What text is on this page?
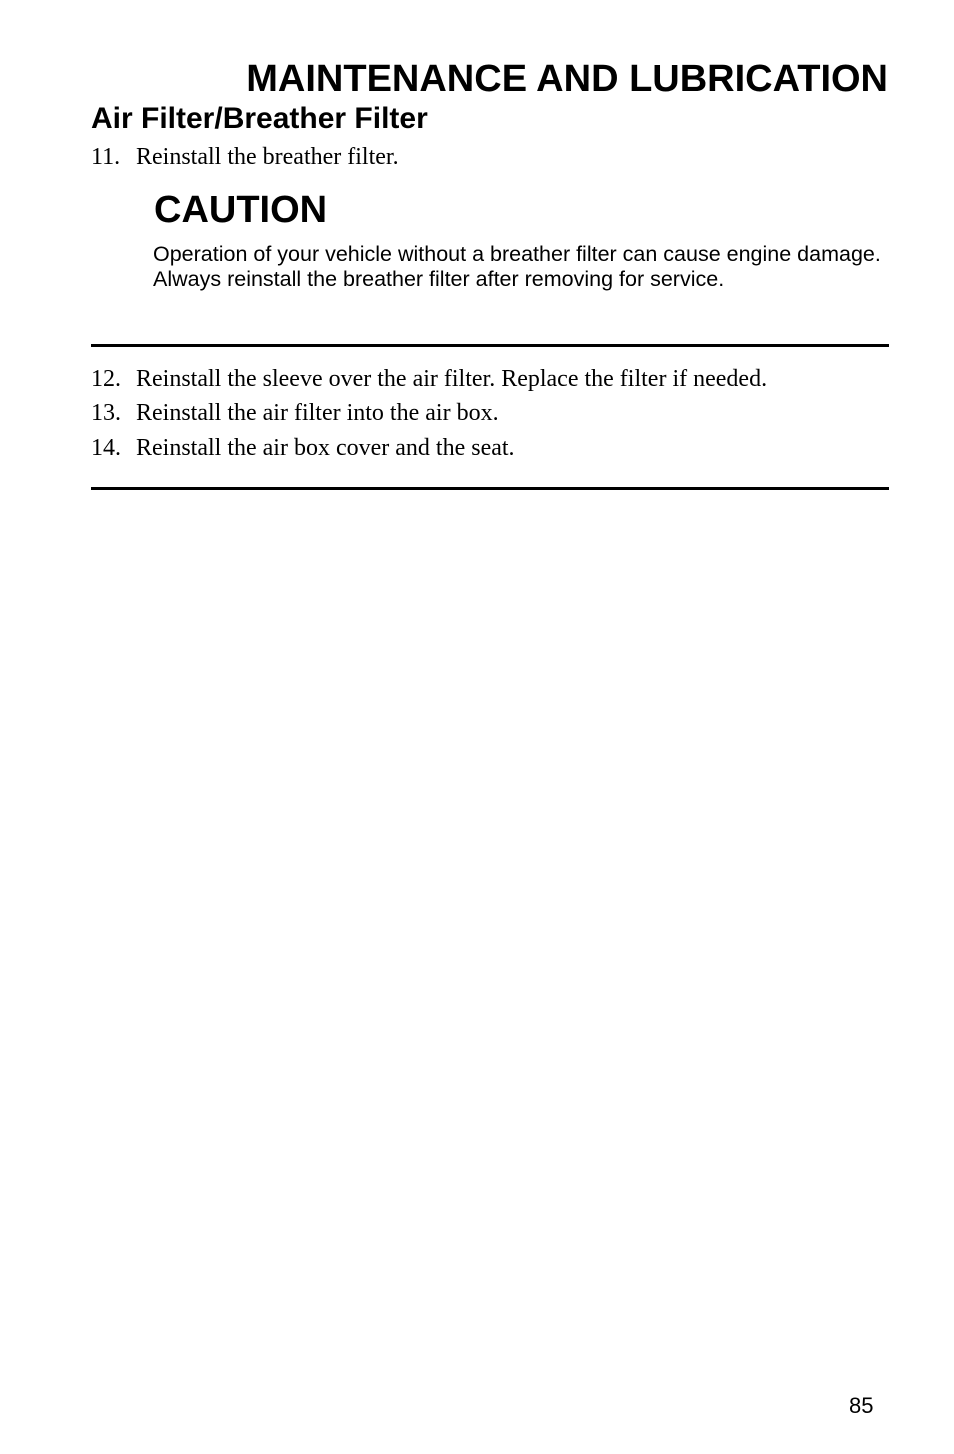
MAINTENANCE AND LUBRICATION
Air Filter/Breather Filter
11. Reinstall the breather filter.
CAUTION

Operation of your vehicle without a breather filter can cause engine damage. Always reinstall the breather filter after removing for service.

12. Reinstall the sleeve over the air filter. Replace the filter if needed.
13. Reinstall the air filter into the air box.
14. Reinstall the air box cover and the seat.
85
